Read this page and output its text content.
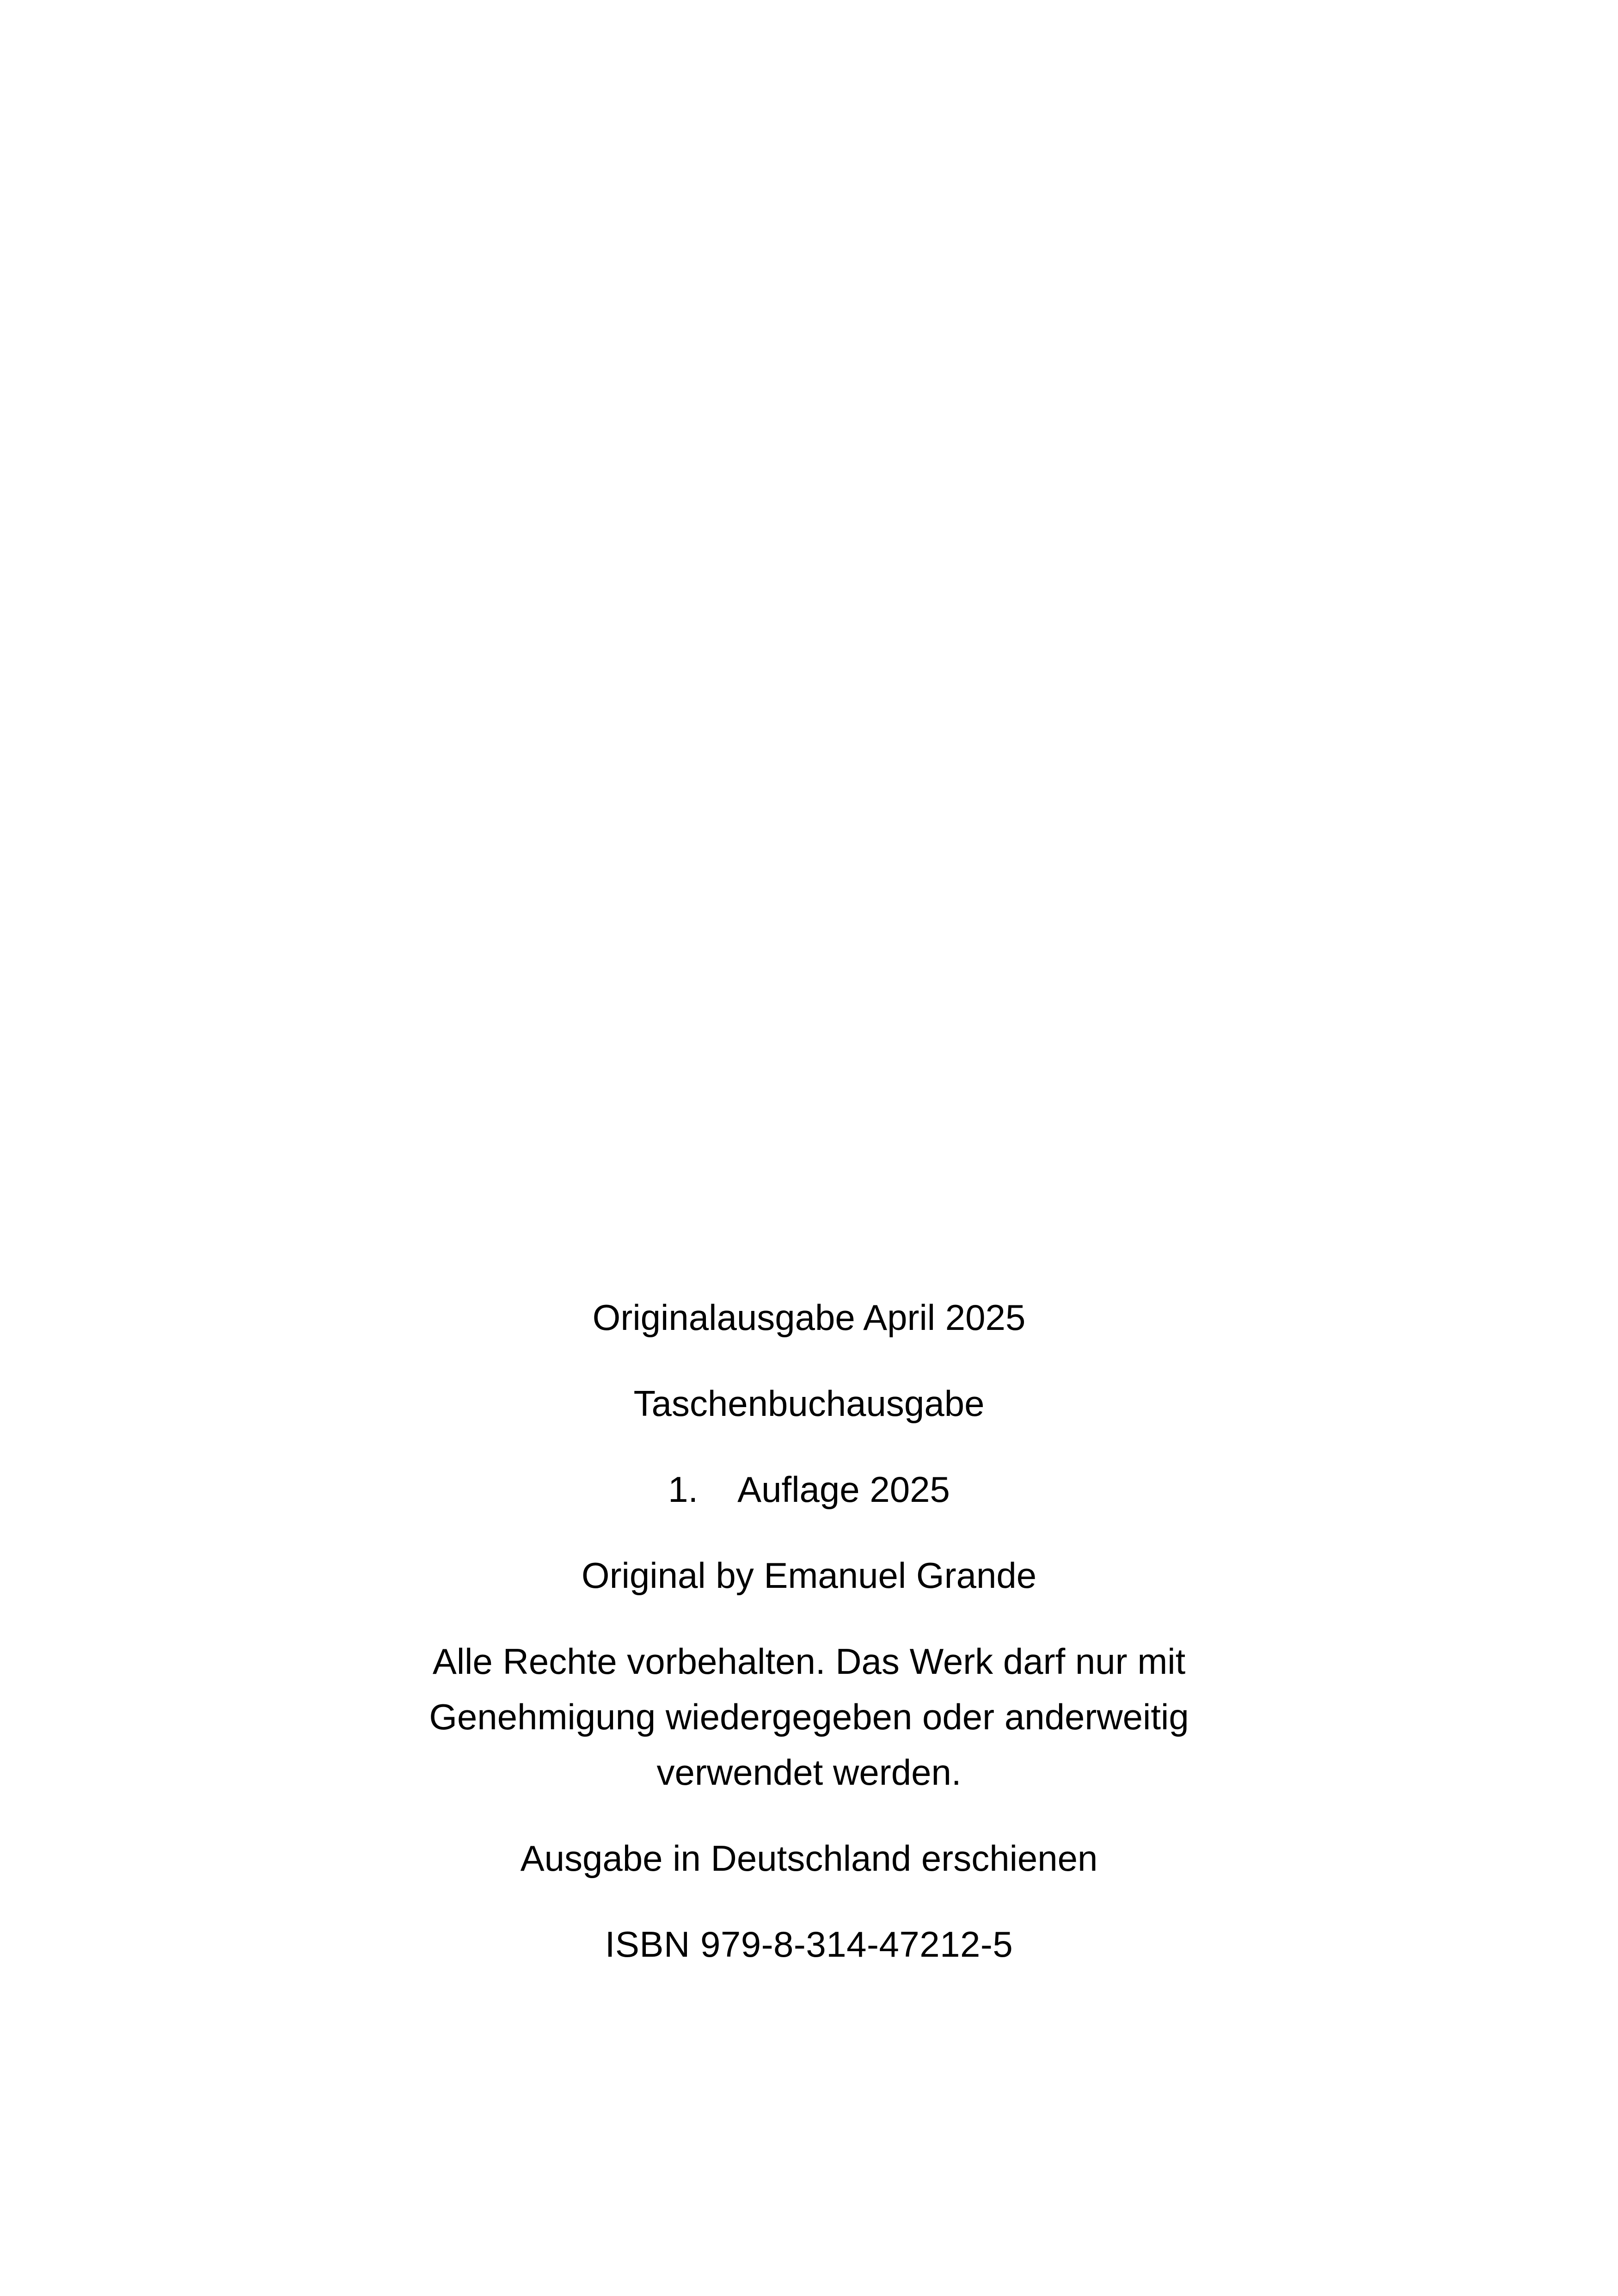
Originalausgabe April 2025

Taschenbuchausgabe

1.	Auflage 2025

Original by Emanuel Grande

Alle Rechte vorbehalten. Das Werk darf nur mit
Genehmigung wiedergegeben oder anderweitig
verwendet werden.

Ausgabe in Deutschland erschienen

ISBN 979-8-314-47212-5
